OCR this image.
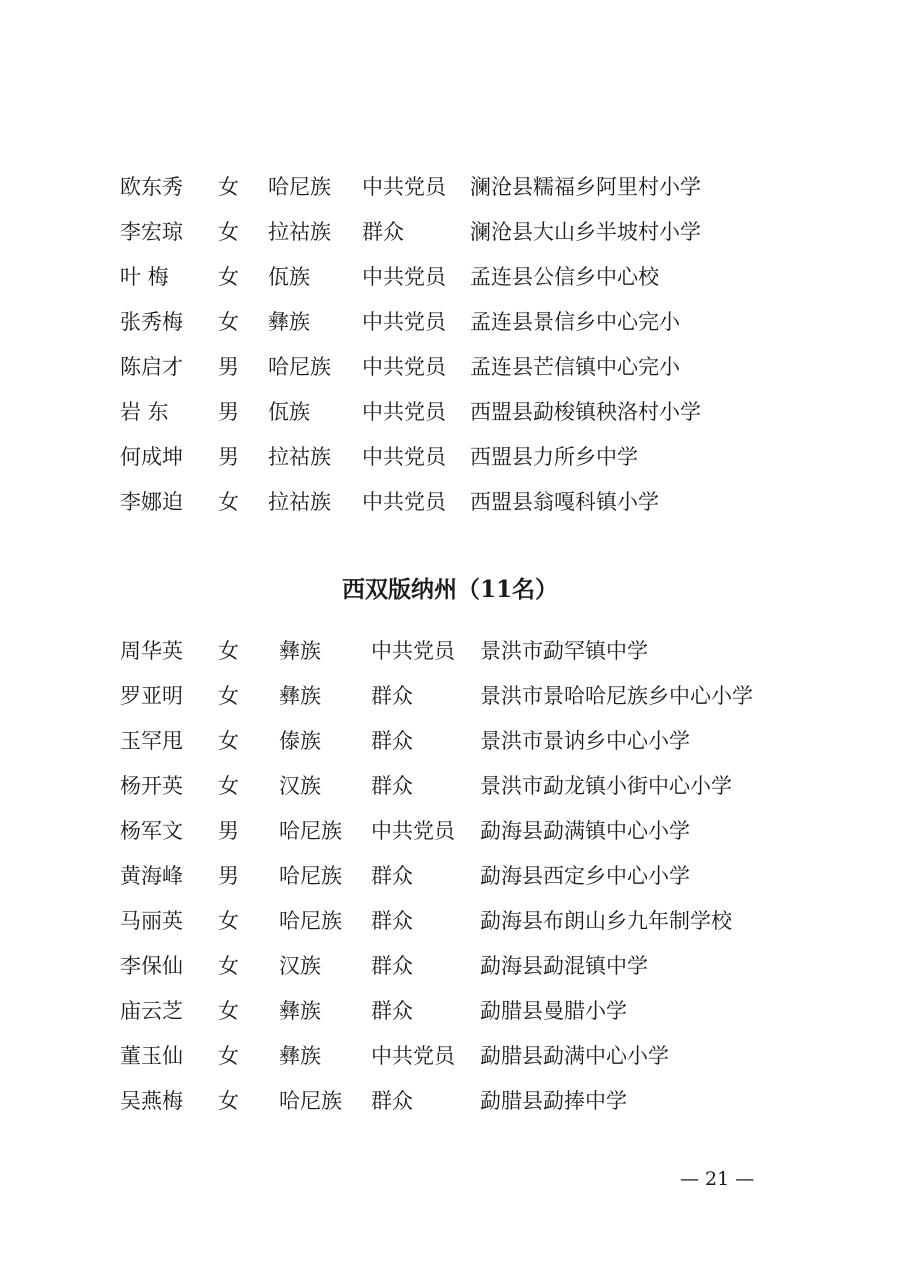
欧东秀 女 哈尼族 中共党员 澜沧县糯福乡阿里村小学
李宏琼 女 拉祜族 群众	澜沧县大山乡半坡村小学
叶 梅 女 佤族 中共党员 孟连县公信乡中心校
张秀梅 女 彝族 中共党员 孟连县景信乡中心完小
陈启才 男 哈尼族 中共党员 孟连县芒信镇中心完小
岩 东 男 佤族 中共党员 西盟县勐梭镇秧洛村小学
何成坤 男 拉祜族 中共党员 西盟县力所乡中学
李娜迫 女 拉祜族 中共党员 西盟县翁嘎科镇小学
西双版纳州（11名）
周华英 女 彝族 中共党员 景洪市勐罕镇中学
罗亚明 女 彝族 群众	景洪市景哈哈尼族乡中心小学
玉罕甩 女 傣族 群众	景洪市景讷乡中心小学
杨开英 女 汉族 群众	景洪市勐龙镇小街中心小学
杨军文 男 哈尼族 中共党员 勐海县勐满镇中心小学
黄海峰 男 哈尼族 群众	勐海县西定乡中心小学
马丽英 女 哈尼族 群众	勐海县布朗山乡九年制学校
李保仙 女 汉族 群众	勐海县勐混镇中学
庙云芝 女 彝族 群众	勐腊县曼腊小学
董玉仙 女 彝族 中共党员 勐腊县勐满中心小学
吴燕梅 女 哈尼族 群众	勐腊县勐捧中学
— 21 —
